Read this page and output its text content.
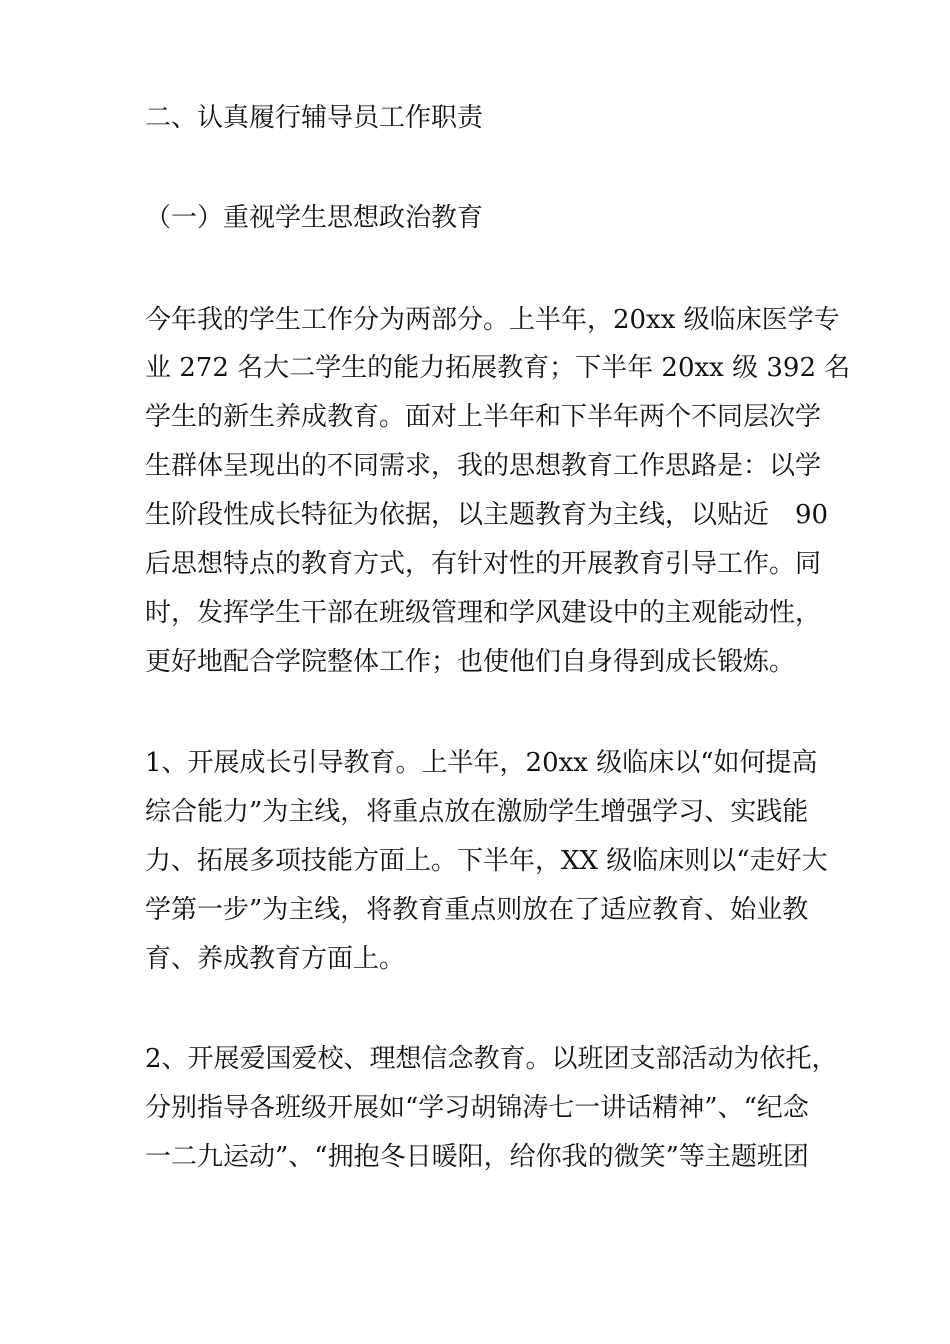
二、认真履行辅导员工作职责

（一）重视学生思想政治教育

今年我的学生工作分为两部分。上半年，20xx 级临床医学专

业 272 名大二学生的能力拓展教育；下半年 20xx 级 392 名

学生的新生养成教育。面对上半年和下半年两个不同层次学

生群体呈现出的不同需求，我的思想教育工作思路是：以学

生阶段性成长特征为依据，以主题教育为主线，以贴近　90

后思想特点的教育方式，有针对性的开展教育引导工作。同

时，发挥学生干部在班级管理和学风建设中的主观能动性，

更好地配合学院整体工作；也使他们自身得到成长锻炼。

1、开展成长引导教育。上半年，20xx 级临床以“如何提高

综合能力”为主线，将重点放在激励学生增强学习、实践能

力、拓展多项技能方面上。下半年，XX 级临床则以“走好大

学第一步”为主线，将教育重点则放在了适应教育、始业教

育、养成教育方面上。

2、开展爱国爱校、理想信念教育。以班团支部活动为依托，

分别指导各班级开展如“学习胡锦涛七一讲话精神”、“纪念

一二九运动”、“拥抱冬日暖阳，给你我的微笑”等主题班团
